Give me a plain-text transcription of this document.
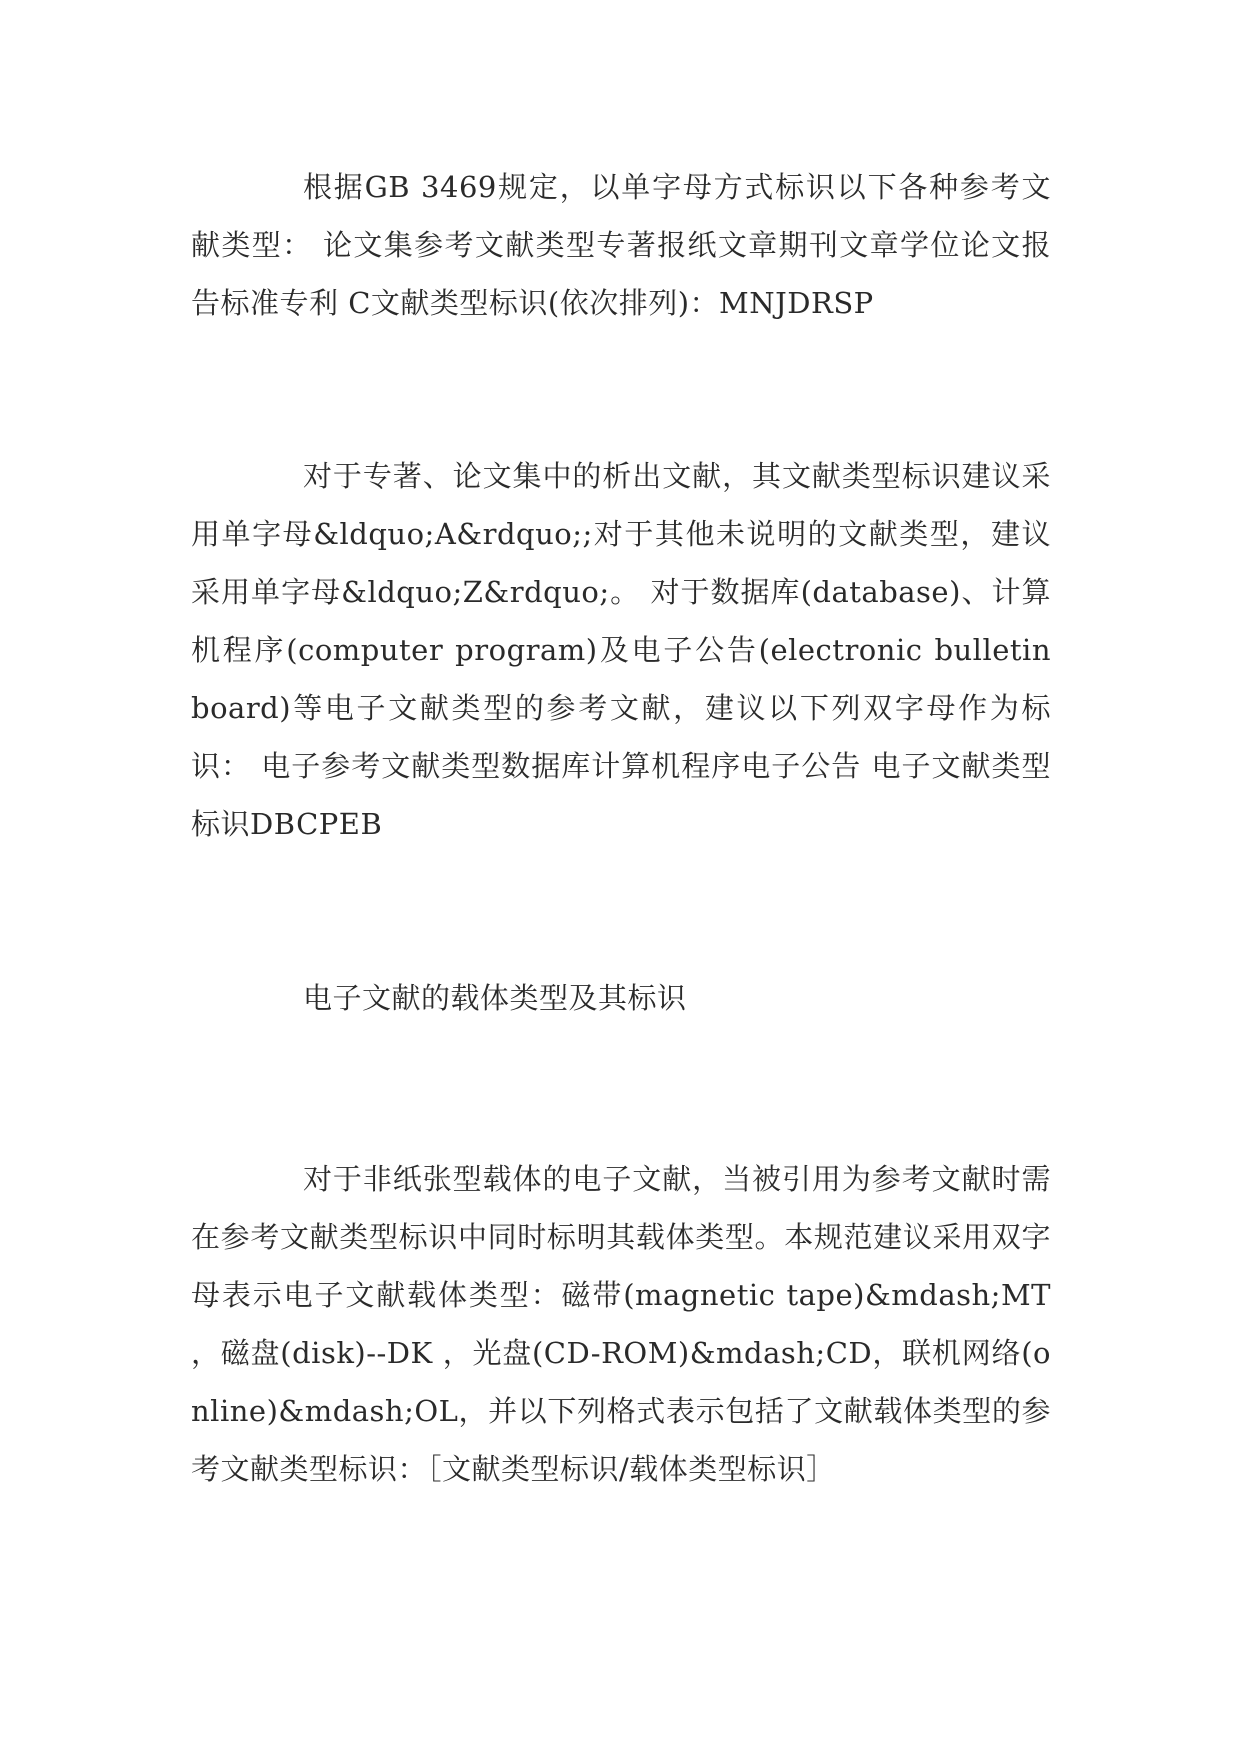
根据GB 3469规定，以单字母方式标识以下各种参考文献类型： 论文集参考文献类型专著报纸文章期刊文章学位论文报告标准专利 C文献类型标识(依次排列)：MNJDRSP

对于专著、论文集中的析出文献，其文献类型标识建议采用单字母&ldquo;A&rdquo;;对于其他未说明的文献类型，建议采用单字母&ldquo;Z&rdquo;。 对于数据库(database)、计算机程序(computer program)及电子公告(electronic bulletin board)等电子文献类型的参考文献，建议以下列双字母作为标识： 电子参考文献类型数据库计算机程序电子公告 电子文献类型标识DBCPEB

电子文献的载体类型及其标识

对于非纸张型载体的电子文献，当被引用为参考文献时需在参考文献类型标识中同时标明其载体类型。本规范建议采用双字母表示电子文献载体类型：磁带(magnetic tape)&mdash;MT ，磁盘(disk)--DK ，光盘(CD-ROM)&mdash;CD，联机网络(online)&mdash;OL，并以下列格式表示包括了文献载体类型的参考文献类型标识：［文献类型标识/载体类型标识］
